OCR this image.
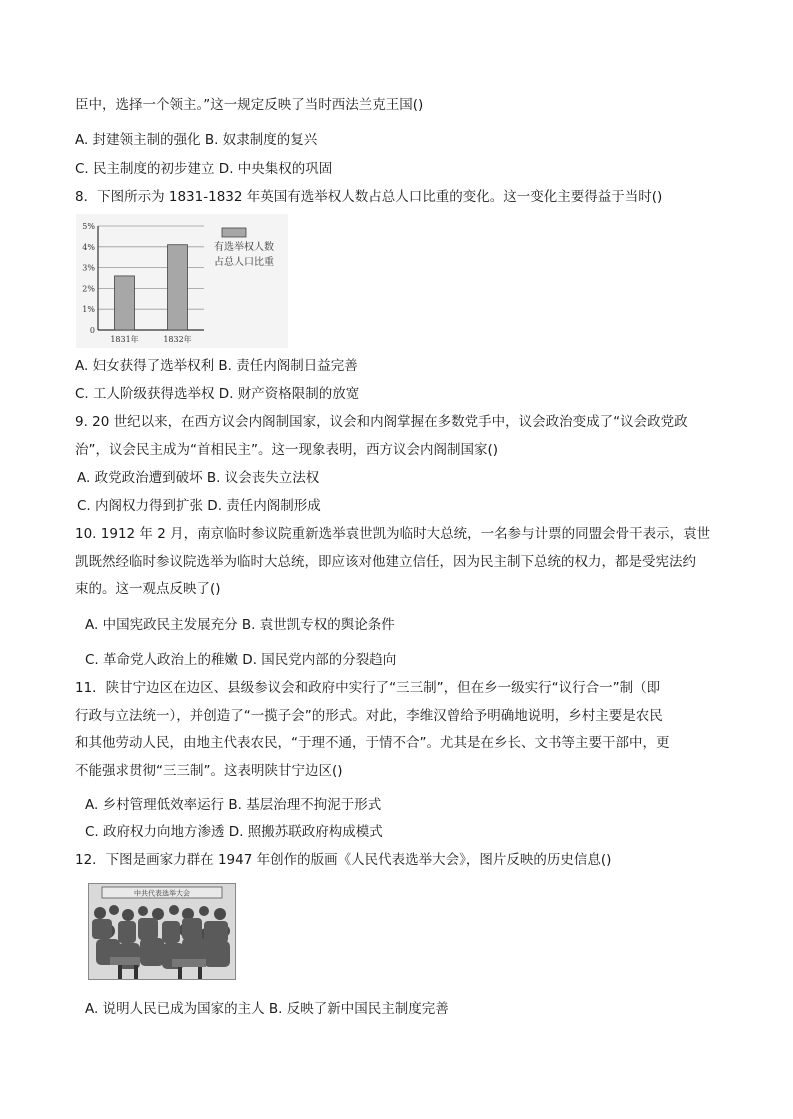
臣中，选择一个领主。”这一规定反映了当时西法兰克王国()
A. 封建领主制的强化 B. 奴隶制度的复兴
C. 民主制度的初步建立 D. 中央集权的巩固
8．下图所示为 1831-1832 年英国有选举权人数占总人口比重的变化。这一变化主要得益于当时()
0
1%
2%
3%
4%
5%
1831年	1832年
有选举权人数
占总人口比重
A. 妇女获得了选举权利 B. 责任内阁制日益完善
C. 工人阶级获得选举权 D. 财产资格限制的放宽
9. 20 世纪以来，在西方议会内阁制国家，议会和内阁掌握在多数党手中，议会政治变成了“议会政党政
治”，议会民主成为“首相民主”。这一现象表明，西方议会内阁制国家()
A. 政党政治遭到破坏 B. 议会丧失立法权
C. 内阁权力得到扩张 D. 责任内阁制形成
10. 1912 年 2 月，南京临时参议院重新选举袁世凯为临时大总统，一名参与计票的同盟会骨干表示，袁世
凯既然经临时参议院选举为临时大总统，即应该对他建立信任，因为民主制下总统的权力，都是受宪法约
束的。这一观点反映了()
A. 中国宪政民主发展充分 B. 袁世凯专权的舆论条件
C. 革命党人政治上的稚嫩 D. 国民党内部的分裂趋向
11．陕甘宁边区在边区、县级参议会和政府中实行了“三三制”，但在乡一级实行“议行合一”制（即
行政与立法统一），并创造了“一揽子会”的形式。对此，李维汉曾给予明确地说明，乡村主要是农民
和其他劳动人民，由地主代表农民，“于理不通，于情不合”。尤其是在乡长、文书等主要干部中，更
不能强求贯彻“三三制”。这表明陕甘宁边区()
A. 乡村管理低效率运行 B. 基层治理不拘泥于形式
C. 政府权力向地方渗透 D. 照搬苏联政府构成模式
12．下图是画家力群在 1947 年创作的版画《人民代表选举大会》，图片反映的历史信息()
中共代表选举大会
A. 说明人民已成为国家的主人 B. 反映了新中国民主制度完善
